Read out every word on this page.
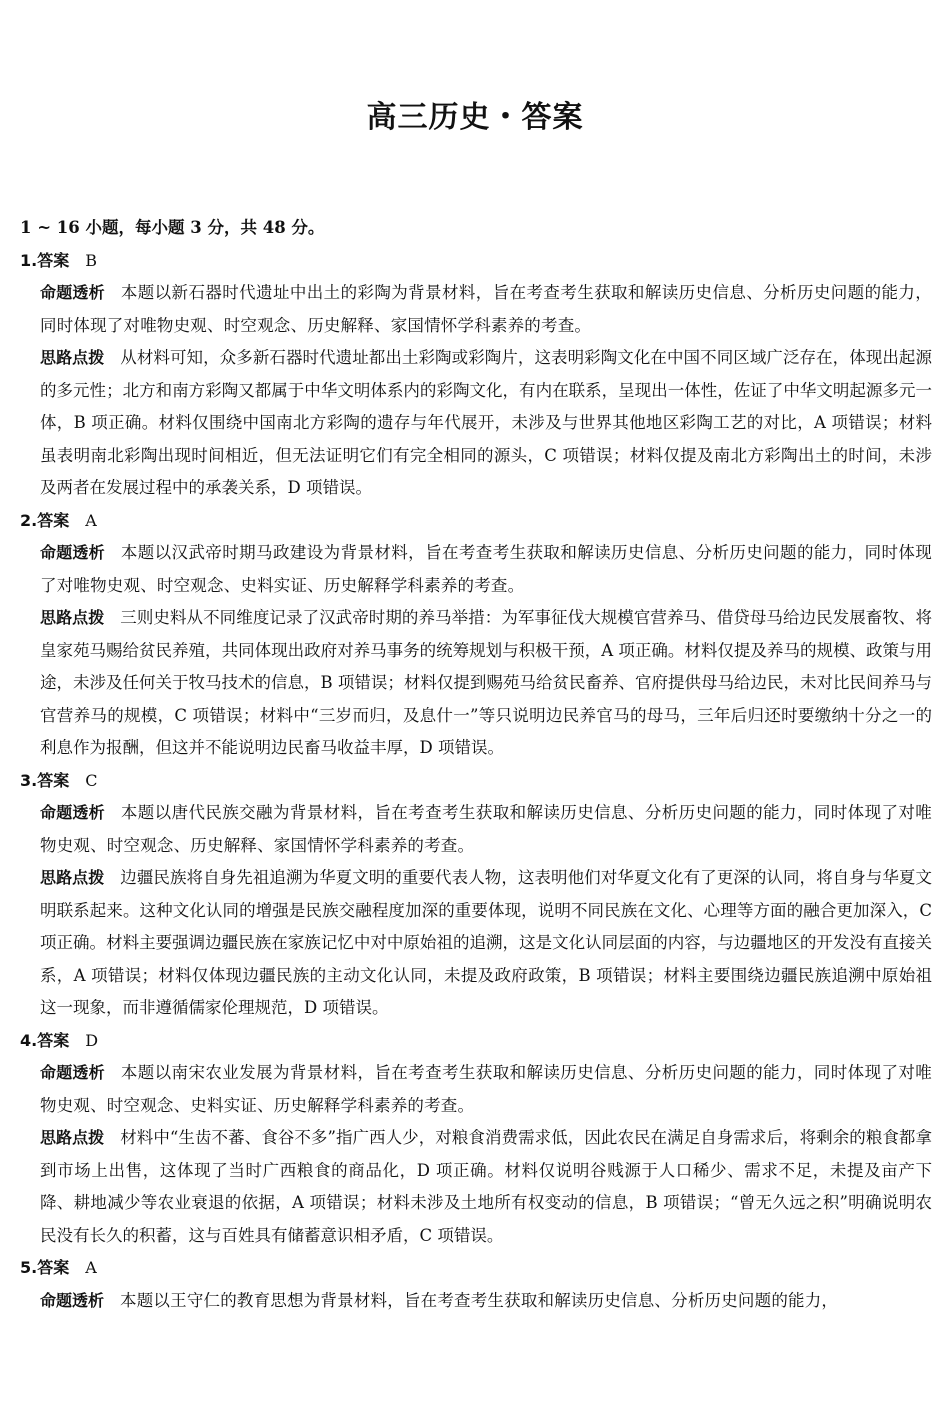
高三历史・答案

1 ~ 16 小题，每小题 3 分，共 48 分。

1.答案 B

命题透析 本题以新石器时代遗址中出土的彩陶为背景材料，旨在考查考生获取和解读历史信息、分析历史问题的能力，同时体现了对唯物史观、时空观念、历史解释、家国情怀学科素养的考查。

思路点拨 从材料可知，众多新石器时代遗址都出土彩陶或彩陶片，这表明彩陶文化在中国不同区域广泛存在，体现出起源的多元性；北方和南方彩陶又都属于中华文明体系内的彩陶文化，有内在联系，呈现出一体性，佐证了中华文明起源多元一体，B 项正确。材料仅围绕中国南北方彩陶的遗存与年代展开，未涉及与世界其他地区彩陶工艺的对比，A 项错误；材料虽表明南北彩陶出现时间相近，但无法证明它们有完全相同的源头，C 项错误；材料仅提及南北方彩陶出土的时间，未涉及两者在发展过程中的承袭关系，D 项错误。

2.答案 A

命题透析 本题以汉武帝时期马政建设为背景材料，旨在考查考生获取和解读历史信息、分析历史问题的能力，同时体现了对唯物史观、时空观念、史料实证、历史解释学科素养的考查。

思路点拨 三则史料从不同维度记录了汉武帝时期的养马举措：为军事征伐大规模官营养马、借贷母马给边民发展畜牧、将皇家苑马赐给贫民养殖，共同体现出政府对养马事务的统筹规划与积极干预，A 项正确。材料仅提及养马的规模、政策与用途，未涉及任何关于牧马技术的信息，B 项错误；材料仅提到赐苑马给贫民畜养、官府提供母马给边民，未对比民间养马与官营养马的规模，C 项错误；材料中“三岁而归，及息什一”等只说明边民养官马的母马，三年后归还时要缴纳十分之一的利息作为报酬，但这并不能说明边民畜马收益丰厚，D 项错误。

3.答案 C

命题透析 本题以唐代民族交融为背景材料，旨在考查考生获取和解读历史信息、分析历史问题的能力，同时体现了对唯物史观、时空观念、历史解释、家国情怀学科素养的考查。

思路点拨 边疆民族将自身先祖追溯为华夏文明的重要代表人物，这表明他们对华夏文化有了更深的认同，将自身与华夏文明联系起来。这种文化认同的增强是民族交融程度加深的重要体现，说明不同民族在文化、心理等方面的融合更加深入，C 项正确。材料主要强调边疆民族在家族记忆中对中原始祖的追溯，这是文化认同层面的内容，与边疆地区的开发没有直接关系，A 项错误；材料仅体现边疆民族的主动文化认同，未提及政府政策，B 项错误；材料主要围绕边疆民族追溯中原始祖这一现象，而非遵循儒家伦理规范，D 项错误。

4.答案 D

命题透析 本题以南宋农业发展为背景材料，旨在考查考生获取和解读历史信息、分析历史问题的能力，同时体现了对唯物史观、时空观念、史料实证、历史解释学科素养的考查。

思路点拨 材料中“生齿不蕃、食谷不多”指广西人少，对粮食消费需求低，因此农民在满足自身需求后，将剩余的粮食都拿到市场上出售，这体现了当时广西粮食的商品化，D 项正确。材料仅说明谷贱源于人口稀少、需求不足，未提及亩产下降、耕地减少等农业衰退的依据，A 项错误；材料未涉及土地所有权变动的信息，B 项错误；“曾无久远之积”明确说明农民没有长久的积蓄，这与百姓具有储蓄意识相矛盾，C 项错误。

5.答案 A

命题透析 本题以王守仁的教育思想为背景材料，旨在考查考生获取和解读历史信息、分析历史问题的能力，
